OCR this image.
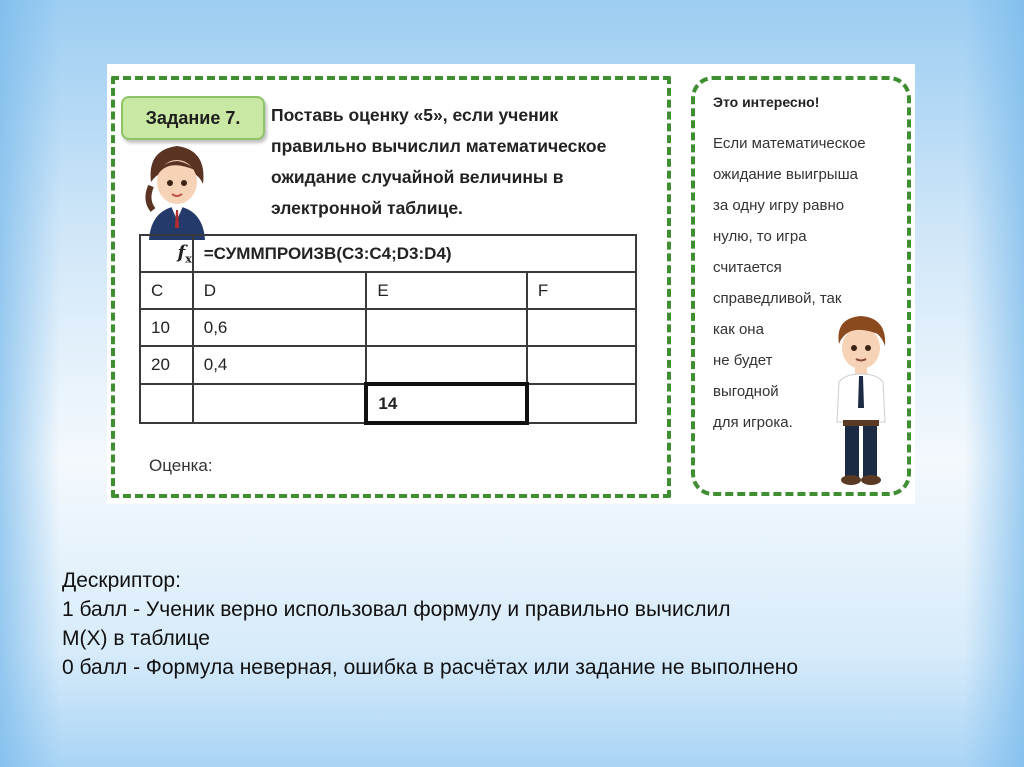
Задание 7.	Поставь оценку «5», если ученик
правильно вычислил математическое
ожидание случайной величины в
электронной таблице.
$f_x$	=СУММПРОИЗВ(C3:C4;D3:D4)		
C	D	E	F
10	0,6		
20	0,4		
		14	
Оценка:
Это интересно!
Если математическое
ожидание выигрыша
за одну игру равно
нулю, то игра
считается
справедливой, так
как она
не будет
выгодной
для игрока.
Дескриптор:
1 балл - Ученик верно использовал формулу и правильно вычислил
М(Х) в таблице
0 балл - Формула неверная, ошибка в расчётах или задание не выполнено
